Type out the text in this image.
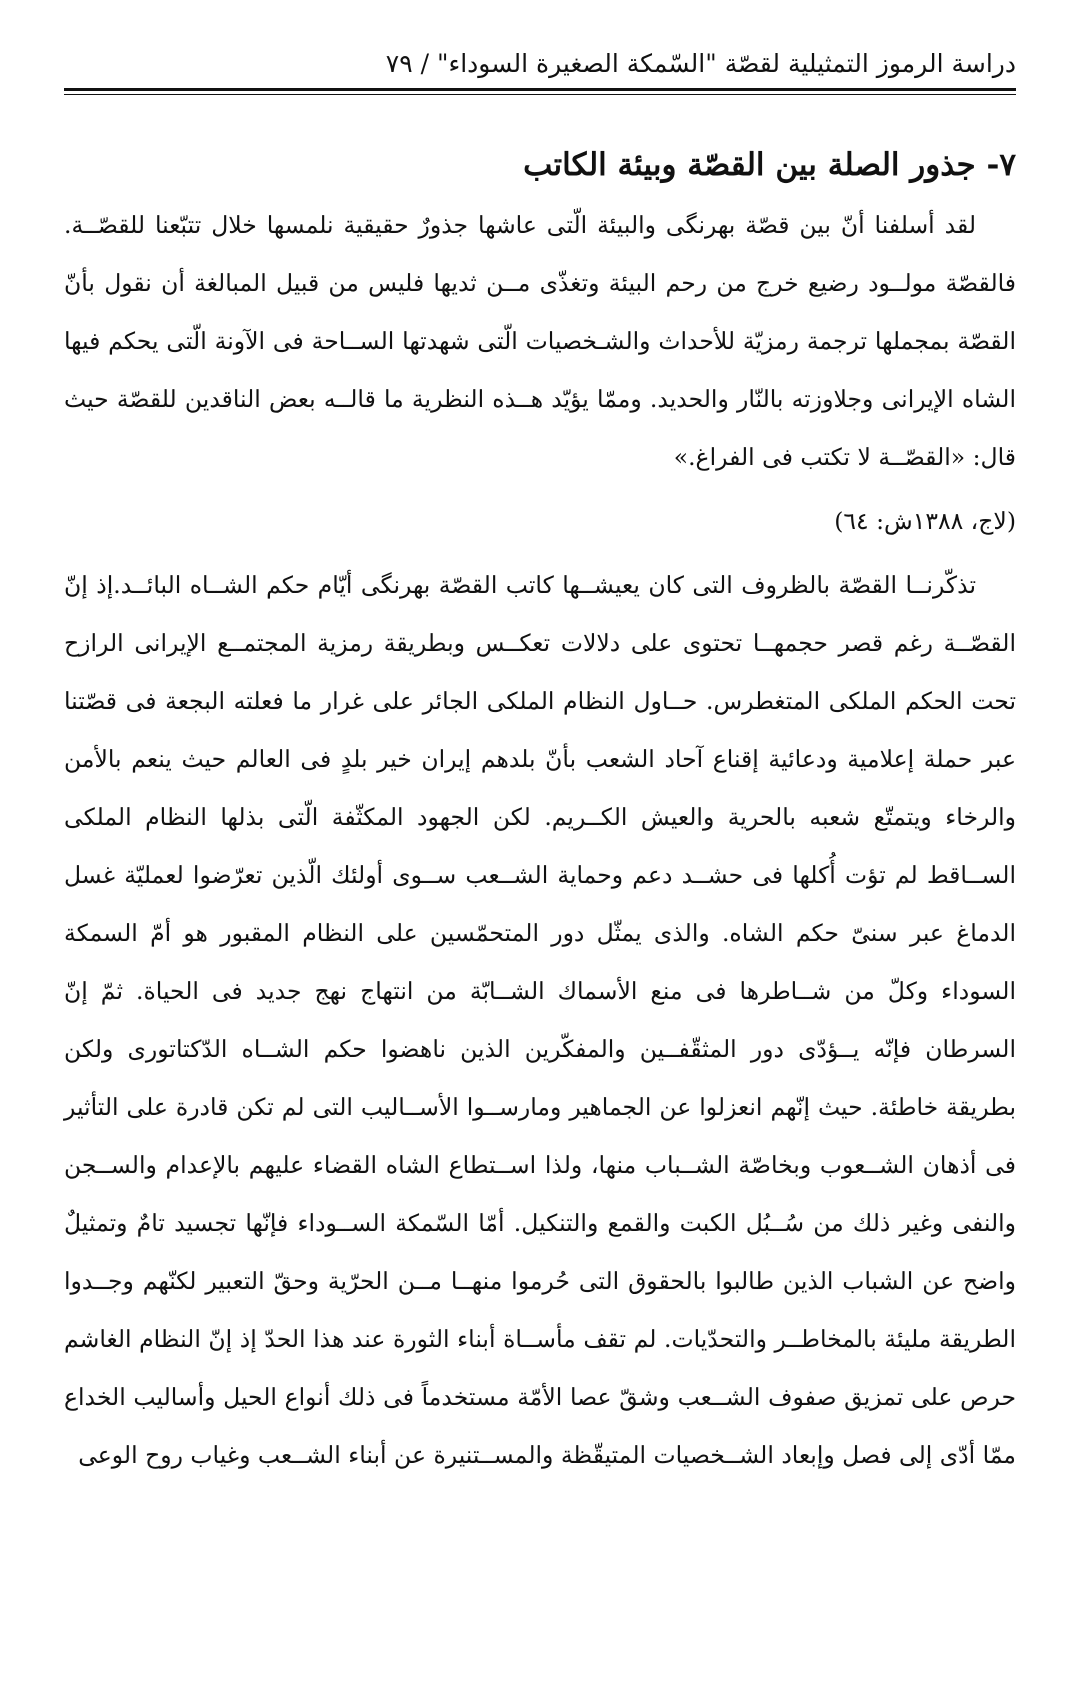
دراسة الرموز التمثيلية لقصّة "السّمكة الصغيرة السوداء" / ٧٩
٧- جذور الصلة بين القصّة وبيئة الكاتب

لقد أسلفنا أنّ بين قصّة بهرنگی والبيئة الّتی عاشها جذورٌ حقيقية نلمسها خلال تتبّعنا للقصّــة. فالقصّة مولــود رضيع خرج من رحم البيئة وتغذّى مــن ثديها فليس من قبيل المبالغة أن نقول بأنّ القصّة بمجملها ترجمة رمزيّة للأحداث والشـخصيات الّتی شهدتها الســاحة فی الآونة الّتی يحكم فيها الشاه الإيرانی وجلاوزته بالنّار والحديد. وممّا يؤيّد هــذه النظرية ما قالــه بعض الناقدين للقصّة حيث قال: «القصّــة لا تكتب فی الفراغ.»

(لاج، ١٣٨٨ش: ٦٤)

تذكّرنــا القصّة بالظروف التی كان يعيشــها كاتب القصّة بهرنگی أيّام حكم الشــاه البائــد.إذ إنّ القصّــة رغم قصر حجمهــا تحتوی علی دلالات تعكــس وبطريقة رمزية المجتمــع الإيرانی الرازح تحت الحكم الملكی المتغطرس. حــاول النظام الملكی الجائر علی غرار ما فعلته البجعة فی قصّتنا عبر حملة إعلامية ودعائية إقناع آحاد الشعب بأنّ بلدهم إيران خير بلدٍ فی العالم حيث ينعم بالأمن والرخاء ويتمتّع شعبه بالحرية والعيش الكــريم. لكن الجهود المكثّفة الّتی بذلها النظام الملكی الســاقط لم تؤت أُكلها فی حشــد دعم وحماية الشــعب ســوی أولئك الّذين تعرّضوا لعمليّة غسل الدماغ عبر سنیّ حكم الشاه. والذی يمثّل دور المتحمّسين علی النظام المقبور هو أمّ السمكة السوداء وكلّ من شــاطرها فی منع الأسماك الشــابّة من انتهاج نهج جديد فی الحياة. ثمّ إنّ السرطان فإنّه يــؤدّی دور المثقّفــين والمفكّرين الذين ناهضوا حكم الشــاه الدّكتاتوری ولكن بطريقة خاطئة. حيث إنّهم انعزلوا عن الجماهير ومارســوا الأســاليب التی لم تكن قادرة علی التأثير فی أذهان الشــعوب وبخاصّة الشــباب منها، ولذا اســتطاع الشاه القضاء عليهم بالإعدام والســجن والنفی وغير ذلك من سُــبُل الكبت والقمع والتنكيل. أمّا السّمكة الســوداء فإنّها تجسيد تامٌ وتمثيلٌ واضح عن الشباب الذين طالبوا بالحقوق التی حُرموا منهــا مــن الحرّية وحقّ التعبير لكنّهم وجــدوا الطريقة مليئة بالمخاطــر والتحدّيات. لم تقف مأســاة أبناء الثورة عند هذا الحدّ إذ إنّ النظام الغاشم حرص علی تمزيق صفوف الشــعب وشقّ عصا الأمّة مستخدماً فی ذلك أنواع الحيل وأساليب الخداع ممّا أدّى إلی فصل وإبعاد الشــخصيات المتيقّظة والمســتنيرة عن أبناء الشــعب وغياب روح الوعی
